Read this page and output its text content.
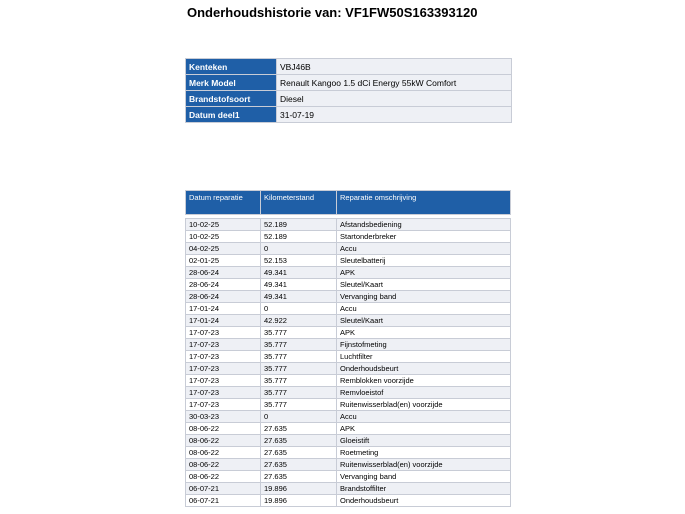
Onderhoudshistorie van: VF1FW50S163393120
Kenteken	VBJ46B
Merk Model	Renault Kangoo 1.5 dCi Energy 55kW Comfort
Brandstofsoort	Diesel
Datum deel1	31-07-19
Datum reparatie	Kilometerstand	Reparatie omschrijving

10-02-25	52.189	Afstandsbediening
10-02-25	52.189	Startonderbreker
04-02-25	0	Accu
02-01-25	52.153	Sleutelbatterij
28-06-24	49.341	APK
28-06-24	49.341	Sleutel/Kaart
28-06-24	49.341	Vervanging band
17-01-24	0	Accu
17-01-24	42.922	Sleutel/Kaart
17-07-23	35.777	APK
17-07-23	35.777	Fijnstofmeting
17-07-23	35.777	Luchtfilter
17-07-23	35.777	Onderhoudsbeurt
17-07-23	35.777	Remblokken voorzijde
17-07-23	35.777	Remvloeistof
17-07-23	35.777	Ruitenwisserblad(en) voorzijde
30-03-23	0	Accu
08-06-22	27.635	APK
08-06-22	27.635	Gloeistift
08-06-22	27.635	Roetmeting
08-06-22	27.635	Ruitenwisserblad(en) voorzijde
08-06-22	27.635	Vervanging band
06-07-21	19.896	Brandstoffilter
06-07-21	19.896	Onderhoudsbeurt
